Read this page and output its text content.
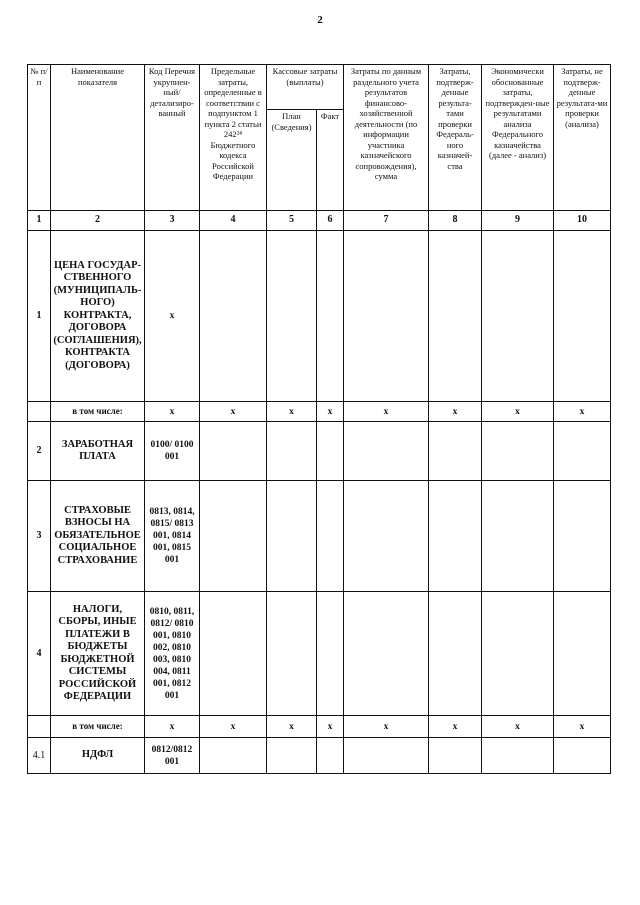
2
№ п/п	Наименование показателя	Код Перечня укрупнен-ный/ детализиро-ванный	Предельные затраты, определенные в соответствии с подпунктом 1 пункта 2 статьи 242²⁴ Бюджетного кодекса Российской Федерации	Кассовые затраты (выплаты)		Затраты по данным раздельного учета результатов финансово-хозяйственной деятельности (по информации участника казначейского сопровождения), сумма	Затраты, подтверж-денные результа-тами проверки Федераль-ного казначей-ства	Экономически обоснованные затраты, подтвержден-ные результатами анализа Федерального казначейства (далее - анализ)	Затраты, не подтверж-денные результата-ми проверки (анализа)
				План (Сведения)	Факт				
1	2	3	4	5	6	7	8	9	10
1	ЦЕНА ГОСУДАР-СТВЕННОГО (МУНИЦИПАЛЬ-НОГО) КОНТРАКТА, ДОГОВОРА (СОГЛАШЕНИЯ), КОНТРАКТА (ДОГОВОРА)	х							
	в том числе:	х	х	х	х	х	х	х	х
2	ЗАРАБОТНАЯ ПЛАТА	0100/ 0100 001							
3	СТРАХОВЫЕ ВЗНОСЫ НА ОБЯЗАТЕЛЬНОЕ СОЦИАЛЬНОЕ СТРАХОВАНИЕ	0813, 0814, 0815/ 0813 001, 0814 001, 0815 001							
4	НАЛОГИ, СБОРЫ, ИНЫЕ ПЛАТЕЖИ В БЮДЖЕТЫ БЮДЖЕТНОЙ СИСТЕМЫ РОССИЙСКОЙ ФЕДЕРАЦИИ	0810, 0811, 0812/ 0810 001, 0810 002, 0810 003, 0810 004, 0811 001, 0812 001							
	в том числе:	х	х	х	х	х	х	х	х
4.1	НДФЛ	0812/0812 001							
